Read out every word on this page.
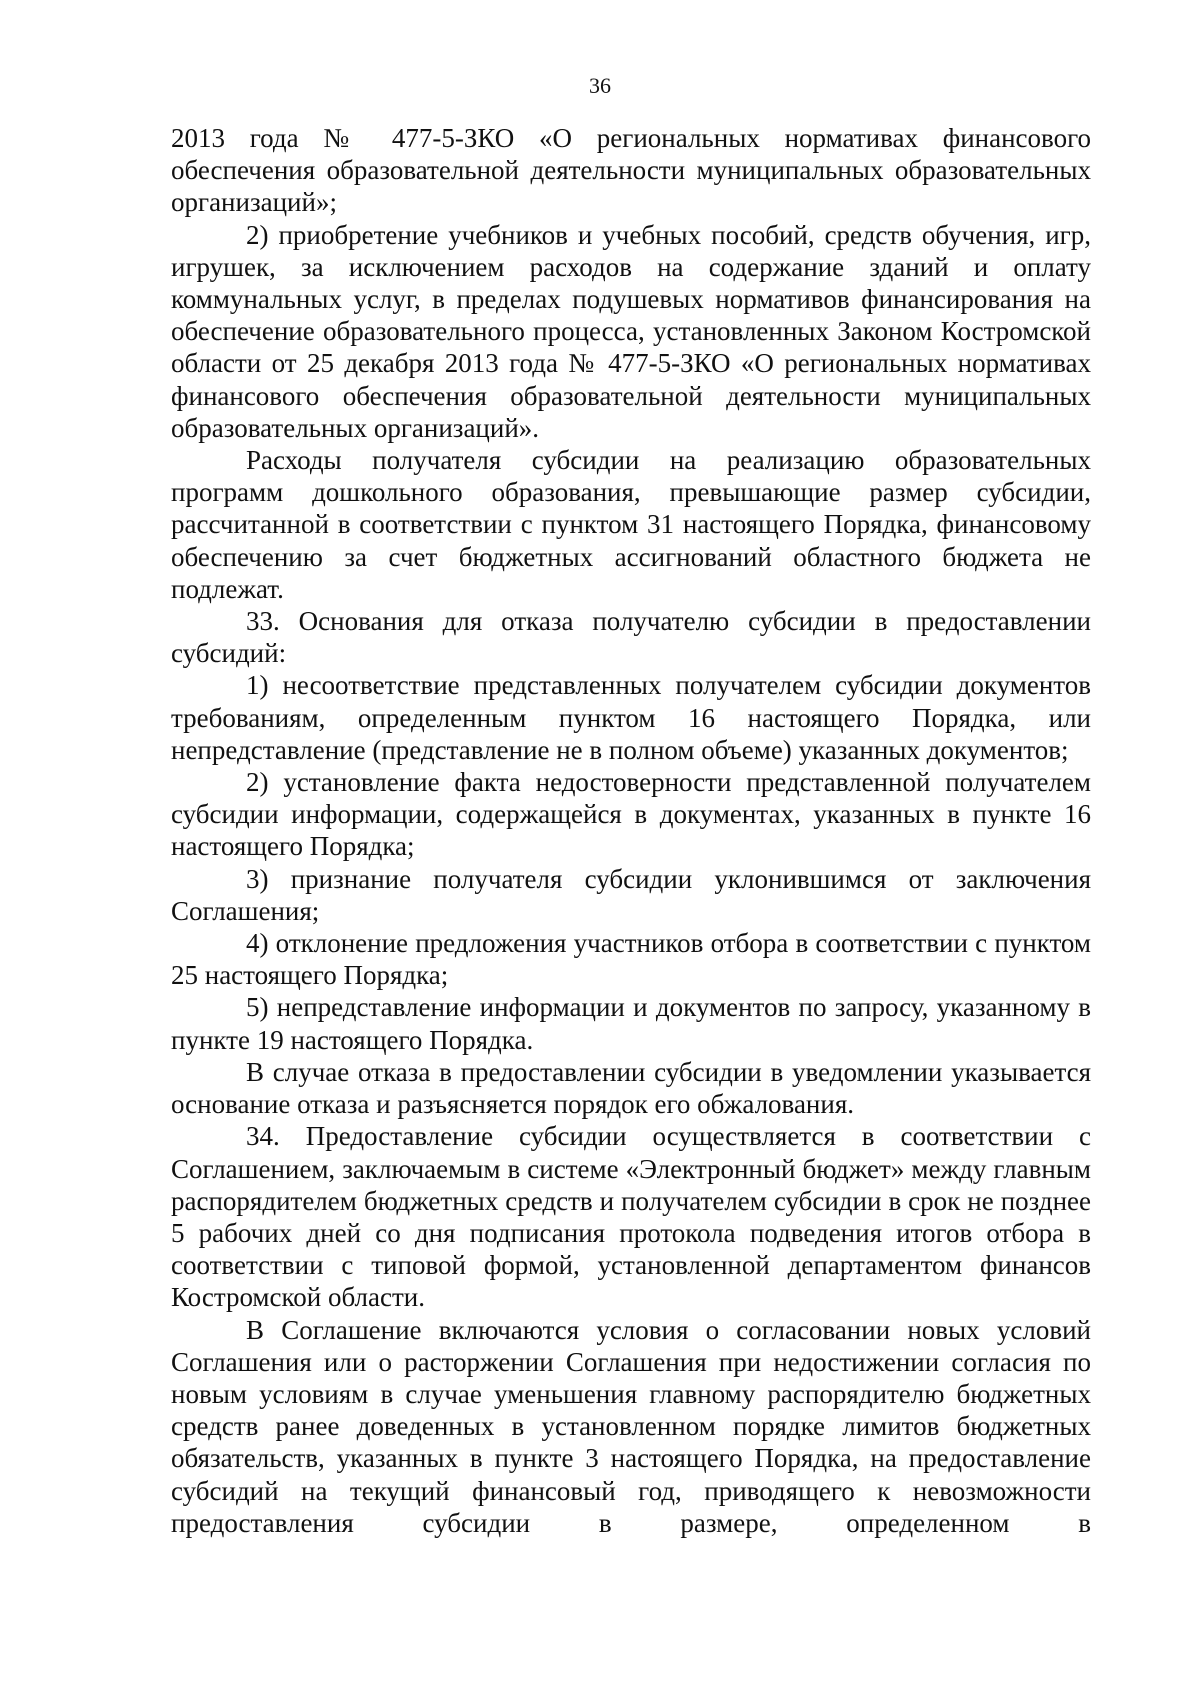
36

2013 года № 477-5-ЗКО «О региональных нормативах финансового обеспечения образовательной деятельности муниципальных образовательных организаций»;

2) приобретение учебников и учебных пособий, средств обучения, игр, игрушек, за исключением расходов на содержание зданий и оплату коммунальных услуг, в пределах подушевых нормативов финансирования на обеспечение образовательного процесса, установленных Законом Костромской области от 25 декабря 2013 года № 477-5-ЗКО «О региональных нормативах финансового обеспечения образовательной деятельности муниципальных образовательных организаций».

Расходы получателя субсидии на реализацию образовательных программ дошкольного образования, превышающие размер субсидии, рассчитанной в соответствии с пунктом 31 настоящего Порядка, финансовому обеспечению за счет бюджетных ассигнований областного бюджета не подлежат.

33. Основания для отказа получателю субсидии в предоставлении субсидий:

1) несоответствие представленных получателем субсидии документов требованиям, определенным пунктом 16 настоящего Порядка, или непредставление (представление не в полном объеме) указанных документов;

2) установление факта недостоверности представленной получателем субсидии информации, содержащейся в документах, указанных в пункте 16 настоящего Порядка;

3) признание получателя субсидии уклонившимся от заключения Соглашения;

4) отклонение предложения участников отбора в соответствии с пунктом 25 настоящего Порядка;

5) непредставление информации и документов по запросу, указанному в пункте 19 настоящего Порядка.

В случае отказа в предоставлении субсидии в уведомлении указывается основание отказа и разъясняется порядок его обжалования.

34. Предоставление субсидии осуществляется в соответствии с Соглашением, заключаемым в системе «Электронный бюджет» между главным распорядителем бюджетных средств и получателем субсидии в срок не позднее 5 рабочих дней со дня подписания протокола подведения итогов отбора в соответствии с типовой формой, установленной департаментом финансов Костромской области.

В Соглашение включаются условия о согласовании новых условий Соглашения или о расторжении Соглашения при недостижении согласия по новым условиям в случае уменьшения главному распорядителю бюджетных средств ранее доведенных в установленном порядке лимитов бюджетных обязательств, указанных в пункте 3 настоящего Порядка, на предоставление субсидий на текущий финансовый год, приводящего к невозможности предоставления субсидии в размере, определенном в
